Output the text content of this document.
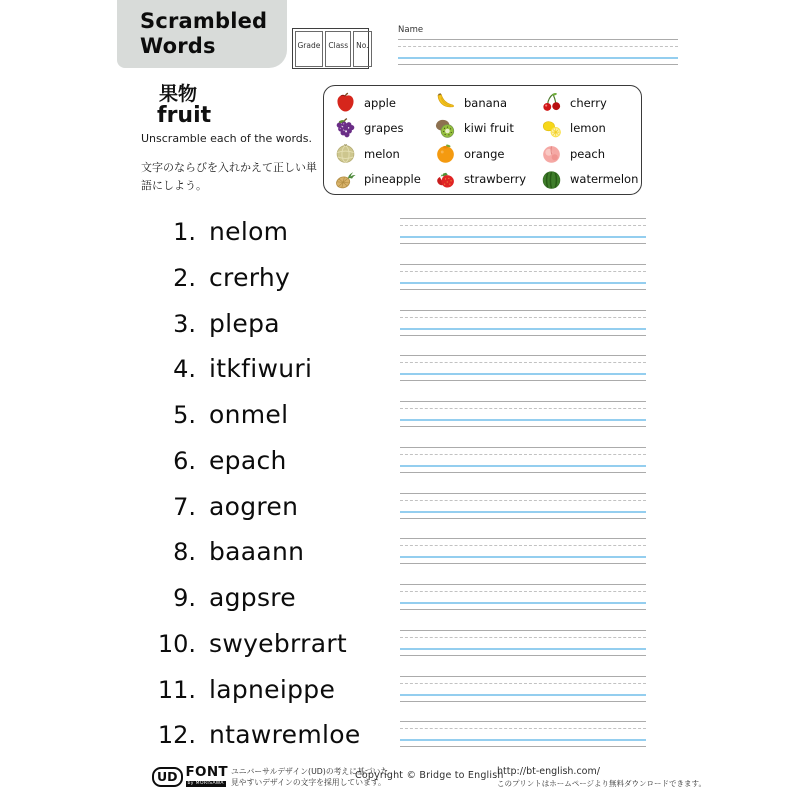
Scrambled
Words	Grade	Class	No.
Name
果物
fruit
Unscramble each of the words.
文字のならびを入れかえて正しい単語にしよう。
apple	banana	cherry
grapes	kiwi fruit	lemon
melon	orange	peach
pineapple	strawberry	watermelon
1. nelom
2. crerhy
3. plepa
4. itkfiwuri
5. onmel
6. epach
7. aogren
8. baaann
9. agpsre
10. swyebrrart
11. lapneippe
12. ntawremloe
UD FONT
by MORISAWA
ユニバーサルデザイン(UD)の考えに基づいた
見やすいデザインの文字を採用しています。
Copyright © Bridge to English
http://bt-english.com/
このプリントはホームページより無料ダウンロードできます。
